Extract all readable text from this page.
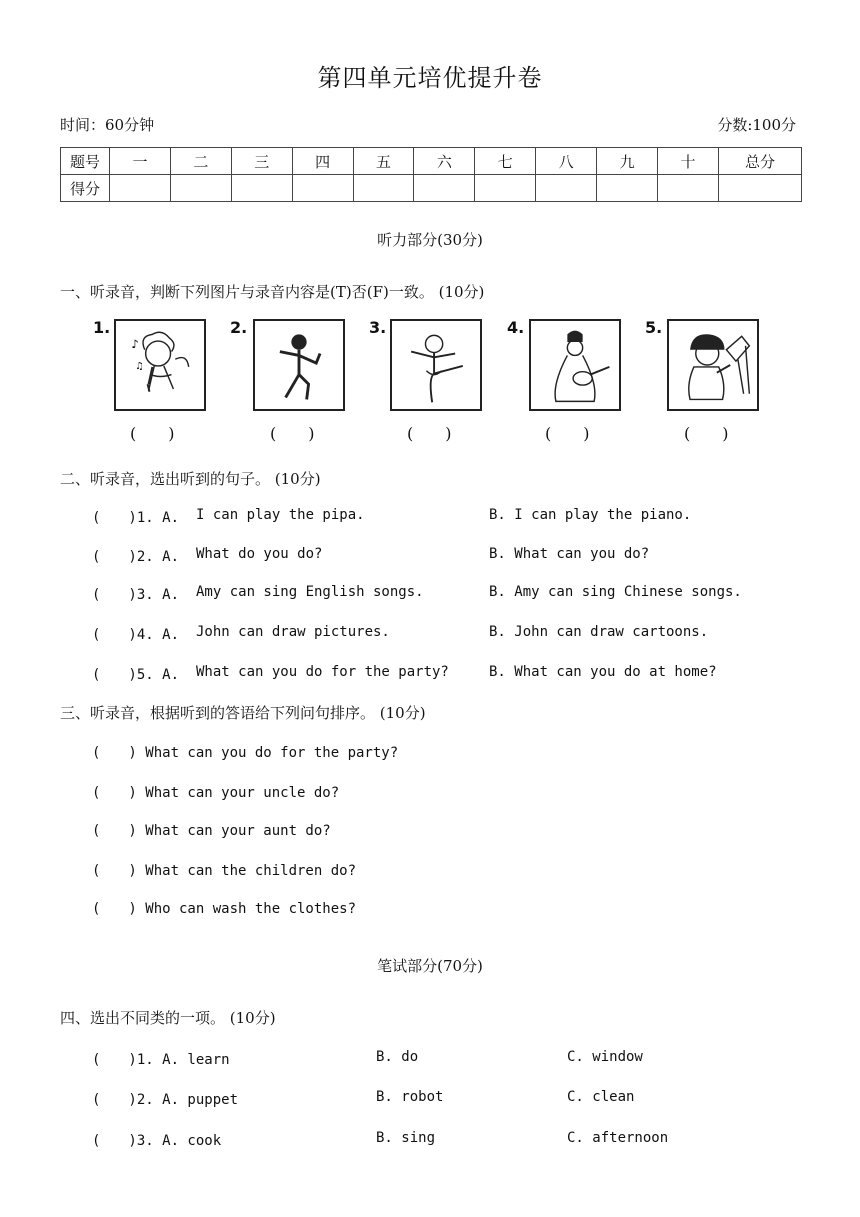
第四单元培优提升卷
时间：60分钟	分数:100分
题号	一	二	三	四	五	六	七	八	九	十	总分
得分											
听力部分(30分)
一、听录音，判断下列图片与录音内容是(T)否(F)一致。 (10分)
1.
♪
♫
(　　)
2.
(　　)
3.
(　　)
4.
(　　)
5.
(　　)
二、听录音，选出听到的句子。 (10分)
(　　)1. A. I can play the pipa.	B. I can play the piano.
(　　)2. A. What do you do?	B. What can you do?
(　　)3. A. Amy can sing English songs.	B. Amy can sing Chinese songs.
(　　)4. A. John can draw pictures.	B. John can draw cartoons.
(　　)5. A. What can you do for the party?	B. What can you do at home?
三、听录音，根据听到的答语给下列问句排序。 (10分)
(　　) What can you do for the party?
(　　) What can your uncle do?
(　　) What can your aunt do?
(　　) What can the children do?
(　　) Who can wash the clothes?
笔试部分(70分)
四、选出不同类的一项。 (10分)
(　　)1. A. learn	B. do	C. window
(　　)2. A. puppet	B. robot	C. clean
(　　)3. A. cook	B. sing	C. afternoon
